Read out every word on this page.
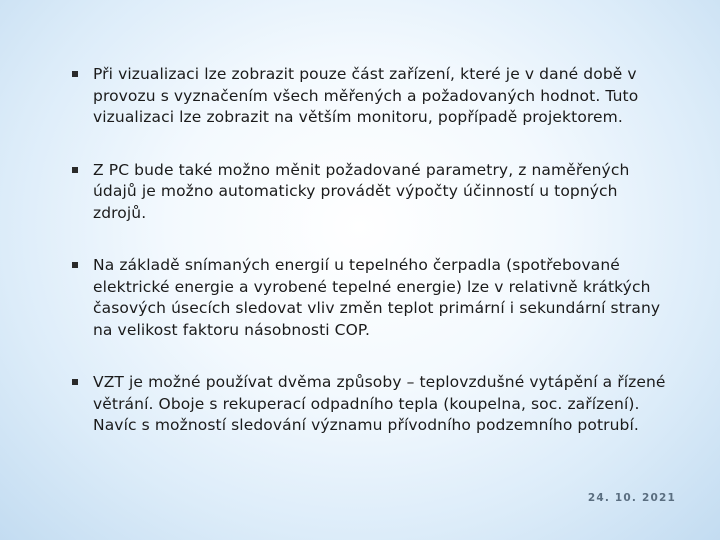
Při vizualizaci lze zobrazit pouze část zařízení, které je v dané době v provozu s vyznačením všech měřených a požadovaných hodnot. Tuto vizualizaci lze zobrazit na větším monitoru, popřípadě projektorem.
Z PC bude také možno měnit požadované parametry, z naměřených údajů je možno automaticky provádět výpočty účinností u topných zdrojů.
Na základě snímaných energií u tepelného čerpadla (spotřebované elektrické energie a vyrobené tepelné energie) lze v relativně krátkých časových úsecích sledovat vliv změn teplot primární i sekundární strany na velikost faktoru násobnosti COP.
VZT je možné používat dvěma způsoby – teplovzdušné vytápění a řízené větrání. Oboje s rekuperací odpadního tepla (koupelna, soc. zařízení). Navíc s možností sledování významu přívodního podzemního potrubí.
24. 10. 2021
